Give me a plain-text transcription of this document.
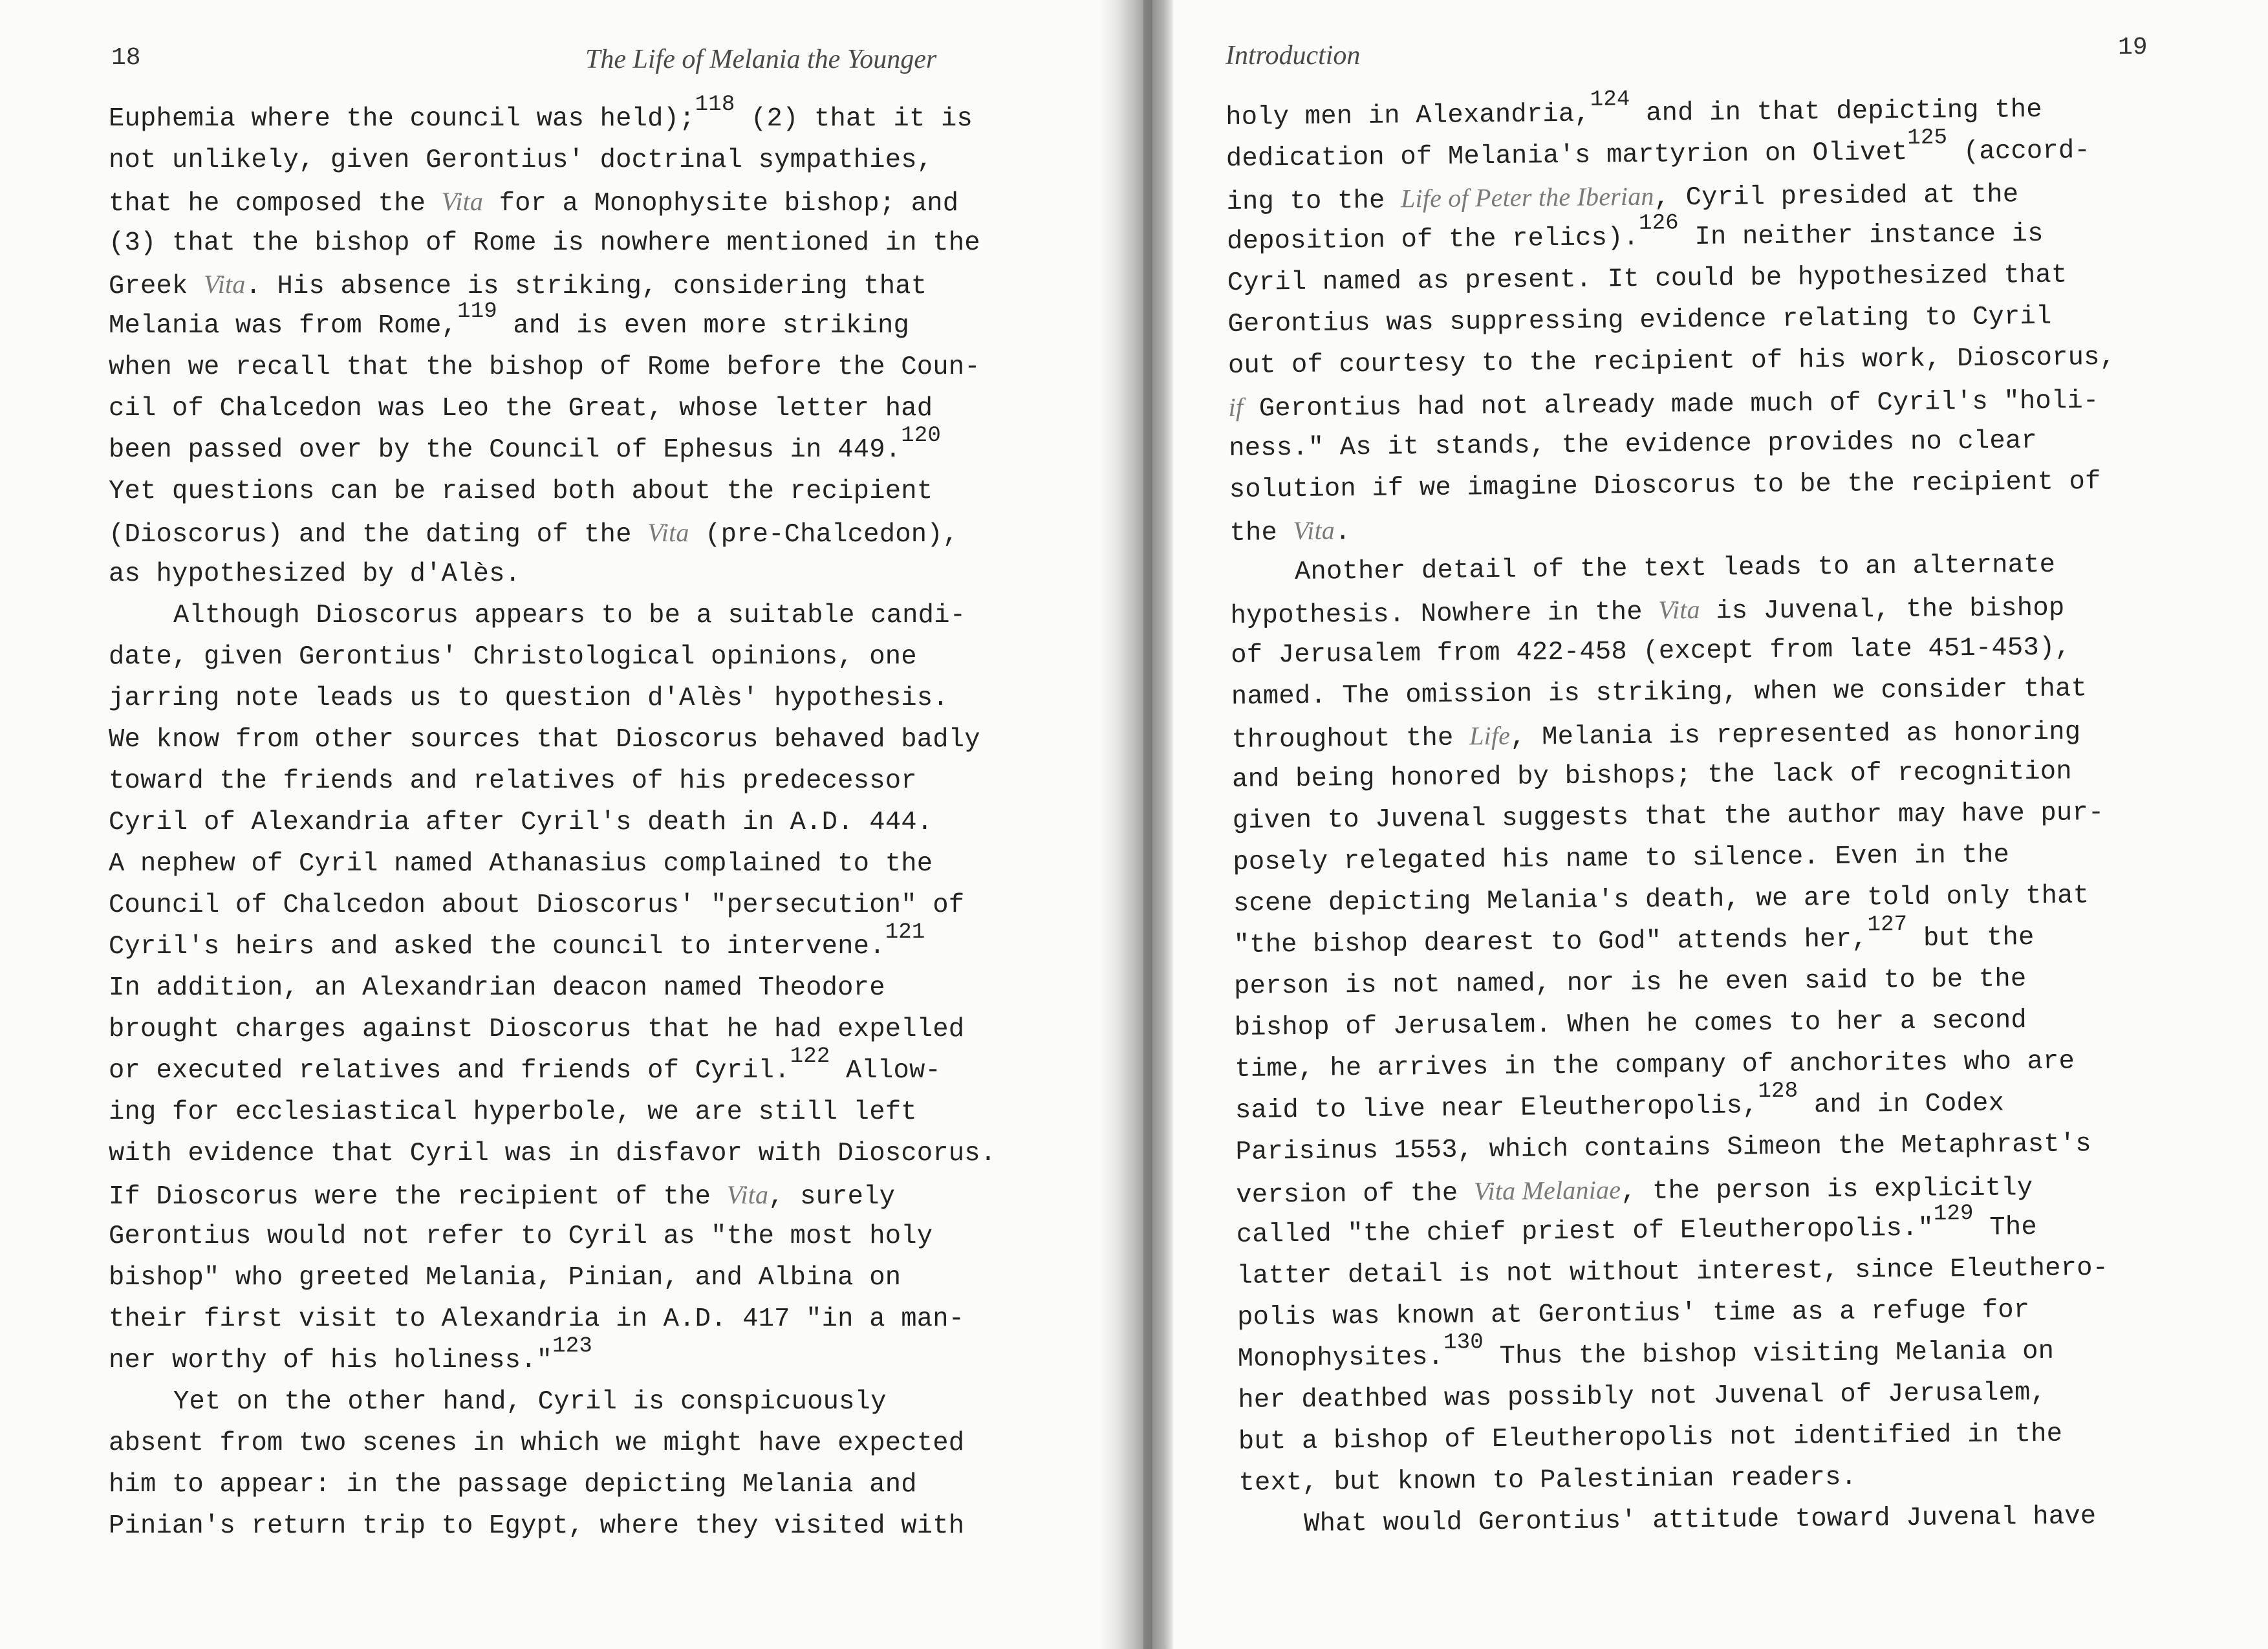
18	The Life of Melania the Younger
Euphemia where the council was held);$^{118}$ (2) that it is
not unlikely, given Gerontius' doctrinal sympathies,
that he composed the Vita for a Monophysite bishop; and
(3) that the bishop of Rome is nowhere mentioned in the
Greek Vita. His absence is striking, considering that
Melania was from Rome,$^{119}$ and is even more striking
when we recall that the bishop of Rome before the Coun-
cil of Chalcedon was Leo the Great, whose letter had
been passed over by the Council of Ephesus in 449.$^{120}$
Yet questions can be raised both about the recipient
(Dioscorus) and the dating of the Vita (pre-Chalcedon),
as hypothesized by d'Alès.
Although Dioscorus appears to be a suitable candi-
date, given Gerontius' Christological opinions, one
jarring note leads us to question d'Alès' hypothesis.
We know from other sources that Dioscorus behaved badly
toward the friends and relatives of his predecessor
Cyril of Alexandria after Cyril's death in A.D. 444.
A nephew of Cyril named Athanasius complained to the
Council of Chalcedon about Dioscorus' "persecution" of
Cyril's heirs and asked the council to intervene.$^{121}$
In addition, an Alexandrian deacon named Theodore
brought charges against Dioscorus that he had expelled
or executed relatives and friends of Cyril.$^{122}$ Allow-
ing for ecclesiastical hyperbole, we are still left
with evidence that Cyril was in disfavor with Dioscorus.
If Dioscorus were the recipient of the Vita, surely
Gerontius would not refer to Cyril as "the most holy
bishop" who greeted Melania, Pinian, and Albina on
their first visit to Alexandria in A.D. 417 "in a man-
ner worthy of his holiness."$^{123}$
Yet on the other hand, Cyril is conspicuously
absent from two scenes in which we might have expected
him to appear: in the passage depicting Melania and
Pinian's return trip to Egypt, where they visited with
Introduction	19
holy men in Alexandria,$^{124}$ and in that depicting the
dedication of Melania's martyrion on Olivet$^{125}$ (accord-
ing to the Life of Peter the Iberian, Cyril presided at the
deposition of the relics).$^{126}$ In neither instance is
Cyril named as present. It could be hypothesized that
Gerontius was suppressing evidence relating to Cyril
out of courtesy to the recipient of his work, Dioscorus,
if Gerontius had not already made much of Cyril's "holi-
ness." As it stands, the evidence provides no clear
solution if we imagine Dioscorus to be the recipient of
the Vita.
Another detail of the text leads to an alternate
hypothesis. Nowhere in the Vita is Juvenal, the bishop
of Jerusalem from 422-458 (except from late 451-453),
named. The omission is striking, when we consider that
throughout the Life, Melania is represented as honoring
and being honored by bishops; the lack of recognition
given to Juvenal suggests that the author may have pur-
posely relegated his name to silence. Even in the
scene depicting Melania's death, we are told only that
"the bishop dearest to God" attends her,$^{127}$ but the
person is not named, nor is he even said to be the
bishop of Jerusalem. When he comes to her a second
time, he arrives in the company of anchorites who are
said to live near Eleutheropolis,$^{128}$ and in Codex
Parisinus 1553, which contains Simeon the Metaphrast's
version of the Vita Melaniae, the person is explicitly
called "the chief priest of Eleutheropolis."$^{129}$ The
latter detail is not without interest, since Eleuthero-
polis was known at Gerontius' time as a refuge for
Monophysites.$^{130}$ Thus the bishop visiting Melania on
her deathbed was possibly not Juvenal of Jerusalem,
but a bishop of Eleutheropolis not identified in the
text, but known to Palestinian readers.
What would Gerontius' attitude toward Juvenal have
